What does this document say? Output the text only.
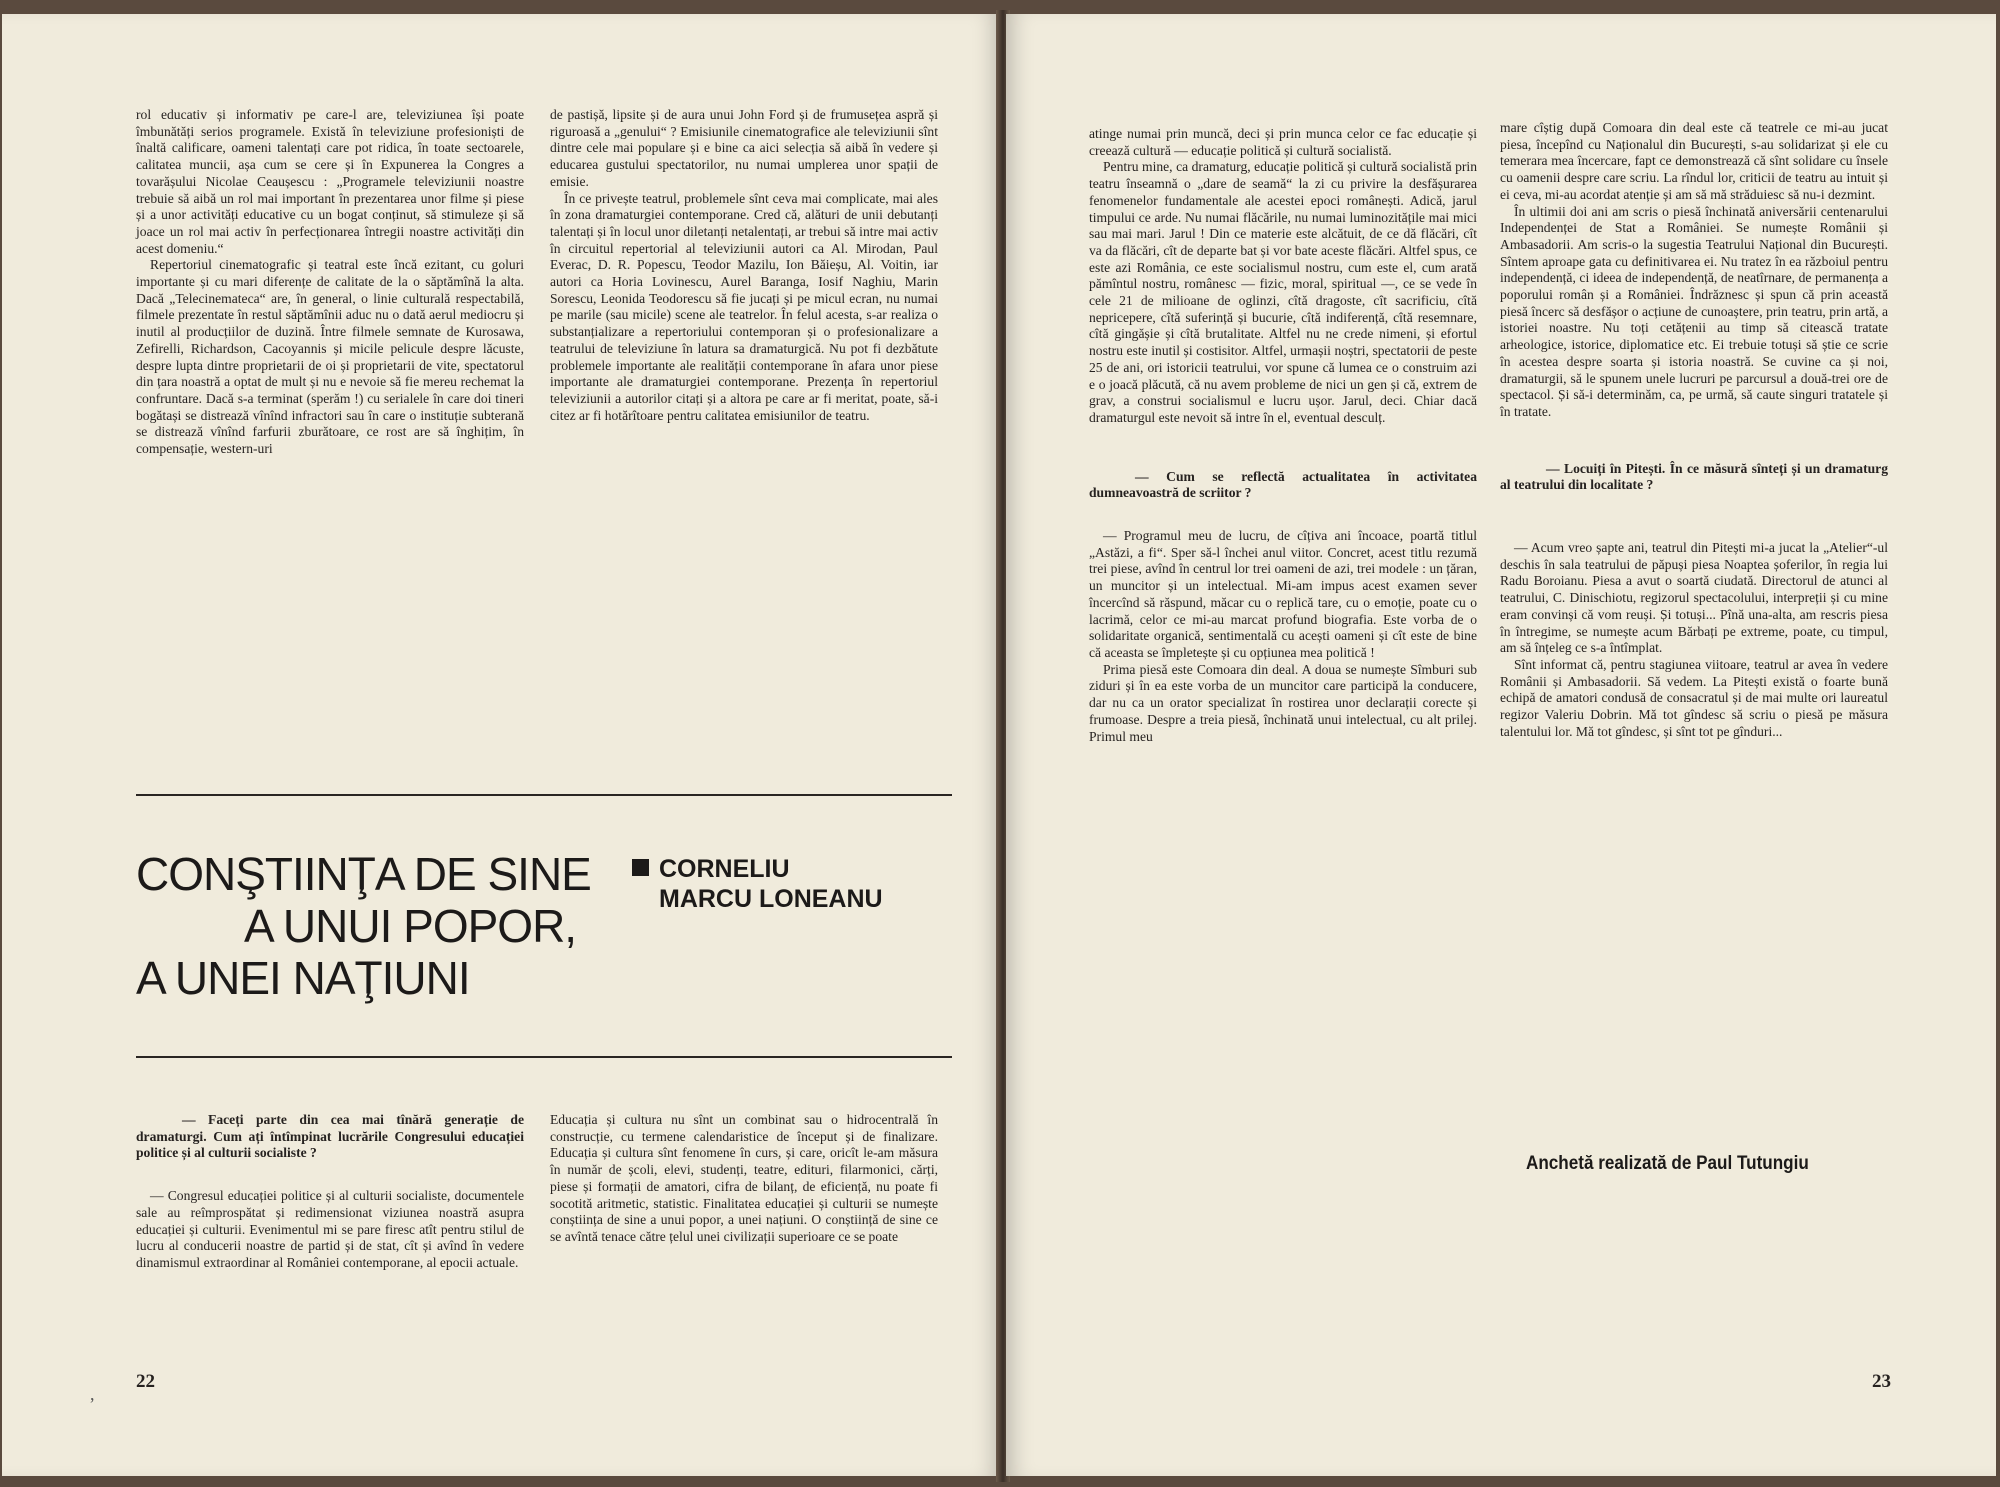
rol educativ și informativ pe care-l are, televiziunea își poate îmbunătăți serios programele. Există în televiziune profesioniști de înaltă calificare, oameni talentați care pot ridica, în toate sectoarele, calitatea muncii, așa cum se cere și în Expunerea la Congres a tovarășului Nicolae Ceaușescu : „Programele televiziunii noastre trebuie să aibă un rol mai important în prezentarea unor filme și piese și a unor activități educative cu un bogat conținut, să stimuleze și să joace un rol mai activ în perfecționarea întregii noastre activități din acest domeniu.“

Repertoriul cinematografic și teatral este încă ezitant, cu goluri importante și cu mari diferențe de calitate de la o săptămînă la alta. Dacă „Telecinemateca“ are, în general, o linie culturală respectabilă, filmele prezentate în restul săptămînii aduc nu o dată aerul mediocru și inutil al producțiilor de duzină. Între filmele semnate de Kurosawa, Zefirelli, Richardson, Cacoyannis și micile pelicule despre lăcuste, despre lupta dintre proprietarii de oi și proprietarii de vite, spectatorul din țara noastră a optat de mult și nu e nevoie să fie mereu rechemat la confruntare. Dacă s-a terminat (sperăm !) cu serialele în care doi tineri bogătași se distrează vînînd infractori sau în care o instituție subterană se distrează vînînd farfurii zburătoare, ce rost are să înghițim, în compensație, western-uri

de pastișă, lipsite și de aura unui John Ford și de frumusețea aspră și riguroasă a „genului“ ? Emisiunile cinematografice ale televiziunii sînt dintre cele mai populare și e bine ca aici selecția să aibă în vedere și educarea gustului spectatorilor, nu numai umplerea unor spații de emisie.

În ce privește teatrul, problemele sînt ceva mai complicate, mai ales în zona dramaturgiei contemporane. Cred că, alături de unii debutanți talentați și în locul unor diletanți netalentați, ar trebui să intre mai activ în circuitul repertorial al televiziunii autori ca Al. Mirodan, Paul Everac, D. R. Popescu, Teodor Mazilu, Ion Băieșu, Al. Voitin, iar autori ca Horia Lovinescu, Aurel Baranga, Iosif Naghiu, Marin Sorescu, Leonida Teodorescu să fie jucați și pe micul ecran, nu numai pe marile (sau micile) scene ale teatrelor. În felul acesta, s-ar realiza o substanțializare a repertoriului contemporan și o profesionalizare a teatrului de televiziune în latura sa dramaturgică. Nu pot fi dezbătute problemele importante ale realității contemporane în afara unor piese importante ale dramaturgiei contemporane. Prezența în repertoriul televiziunii a autorilor citați și a altora pe care ar fi meritat, poate, să-i citez ar fi hotărîtoare pentru calitatea emisiunilor de teatru.

CONŞTIINŢA DE SINE
A UNUI POPOR,
A UNEI NAŢIUNI
CORNELIU
MARCU LONEANU

— Faceți parte din cea mai tînără generație de dramaturgi. Cum ați întîmpinat lucrările Congresului educației politice și al culturii socialiste ?

— Congresul educației politice și al culturii socialiste, documentele sale au reîmprospătat și redimensionat viziunea noastră asupra educației și culturii. Evenimentul mi se pare firesc atît pentru stilul de lucru al conducerii noastre de partid și de stat, cît și avînd în vedere dinamismul extraordinar al României contemporane, al epocii actuale.

Educația și cultura nu sînt un combinat sau o hidrocentrală în construcție, cu termene calendaristice de început și de finalizare. Educația și cultura sînt fenomene în curs, și care, oricît le-am măsura în număr de școli, elevi, studenți, teatre, edituri, filarmonici, cărți, piese și formații de amatori, cifra de bilanț, de eficiență, nu poate fi socotită aritmetic, statistic. Finalitatea educației și culturii se numește conștiința de sine a unui popor, a unei națiuni. O conștiință de sine ce se avîntă tenace către țelul unei civilizații superioare ce se poate

22
,

atinge numai prin muncă, deci și prin munca celor ce fac educație și creează cultură — educație politică și cultură socialistă.

Pentru mine, ca dramaturg, educație politică și cultură socialistă prin teatru înseamnă o „dare de seamă“ la zi cu privire la desfășurarea fenomenelor fundamentale ale acestei epoci românești. Adică, jarul timpului ce arde. Nu numai flăcările, nu numai luminozitățile mai mici sau mai mari. Jarul ! Din ce materie este alcătuit, de ce dă flăcări, cît va da flăcări, cît de departe bat și vor bate aceste flăcări. Altfel spus, ce este azi România, ce este socialismul nostru, cum este el, cum arată pămîntul nostru, românesc — fizic, moral, spiritual —, ce se vede în cele 21 de milioane de oglinzi, cîtă dragoste, cît sacrificiu, cîtă nepricepere, cîtă suferință și bucurie, cîtă indiferență, cîtă resemnare, cîtă gingășie și cîtă brutalitate. Altfel nu ne crede nimeni, și efortul nostru este inutil și costisitor. Altfel, urmașii noștri, spectatorii de peste 25 de ani, ori istoricii teatrului, vor spune că lumea ce o construim azi e o joacă plăcută, că nu avem probleme de nici un gen și că, extrem de grav, a construi socialismul e lucru ușor. Jarul, deci. Chiar dacă dramaturgul este nevoit să intre în el, eventual desculț.

— Cum se reflectă actualitatea în activitatea dumneavoastră de scriitor ?

— Programul meu de lucru, de cîțiva ani încoace, poartă titlul „Astăzi, a fi“. Sper să-l închei anul viitor. Concret, acest titlu rezumă trei piese, avînd în centrul lor trei oameni de azi, trei modele : un țăran, un muncitor și un intelectual. Mi-am impus acest examen sever încercînd să răspund, măcar cu o replică tare, cu o emoție, poate cu o lacrimă, celor ce mi-au marcat profund biografia. Este vorba de o solidaritate organică, sentimentală cu acești oameni și cît este de bine că aceasta se împletește și cu opțiunea mea politică !

Prima piesă este Comoara din deal. A doua se numește Sîmburi sub ziduri și în ea este vorba de un muncitor care participă la conducere, dar nu ca un orator specializat în rostirea unor declarații corecte și frumoase. Despre a treia piesă, închinată unui intelectual, cu alt prilej. Primul meu

mare cîștig după Comoara din deal este că teatrele ce mi-au jucat piesa, începînd cu Naționalul din București, s-au solidarizat și ele cu temerara mea încercare, fapt ce demonstrează că sînt solidare cu însele cu oamenii despre care scriu. La rîndul lor, criticii de teatru au intuit și ei ceva, mi-au acordat atenție și am să mă străduiesc să nu-i dezmint.

În ultimii doi ani am scris o piesă închinată aniversării centenarului Independenței de Stat a României. Se numește Românii și Ambasadorii. Am scris-o la sugestia Teatrului Național din București. Sîntem aproape gata cu definitivarea ei. Nu tratez în ea războiul pentru independență, ci ideea de independență, de neatîrnare, de permanența a poporului român și a României. Îndrăznesc și spun că prin această piesă încerc să desfășor o acțiune de cunoaștere, prin teatru, prin artă, a istoriei noastre. Nu toți cetățenii au timp să citească tratate arheologice, istorice, diplomatice etc. Ei trebuie totuși să știe ce scrie în acestea despre soarta și istoria noastră. Se cuvine ca și noi, dramaturgii, să le spunem unele lucruri pe parcursul a două-trei ore de spectacol. Și să-i determinăm, ca, pe urmă, să caute singuri tratatele și în tratate.

— Locuiți în Pitești. În ce măsură sînteți și un dramaturg al teatrului din localitate ?

— Acum vreo șapte ani, teatrul din Pitești mi-a jucat la „Atelier“-ul deschis în sala teatrului de păpuși piesa Noaptea șoferilor, în regia lui Radu Boroianu. Piesa a avut o soartă ciudată. Directorul de atunci al teatrului, C. Dinischiotu, regizorul spectacolului, interpreții și cu mine eram convinși că vom reuși. Și totuși... Pînă una-alta, am rescris piesa în întregime, se numește acum Bărbați pe extreme, poate, cu timpul, am să înțeleg ce s-a întîmplat.

Sînt informat că, pentru stagiunea viitoare, teatrul ar avea în vedere Românii și Ambasadorii. Să vedem. La Pitești există o foarte bună echipă de amatori condusă de consacratul și de mai multe ori laureatul regizor Valeriu Dobrin. Mă tot gîndesc să scriu o piesă pe măsura talentului lor. Mă tot gîndesc, și sînt tot pe gînduri...

Anchetă realizată de Paul Tutungiu
23
